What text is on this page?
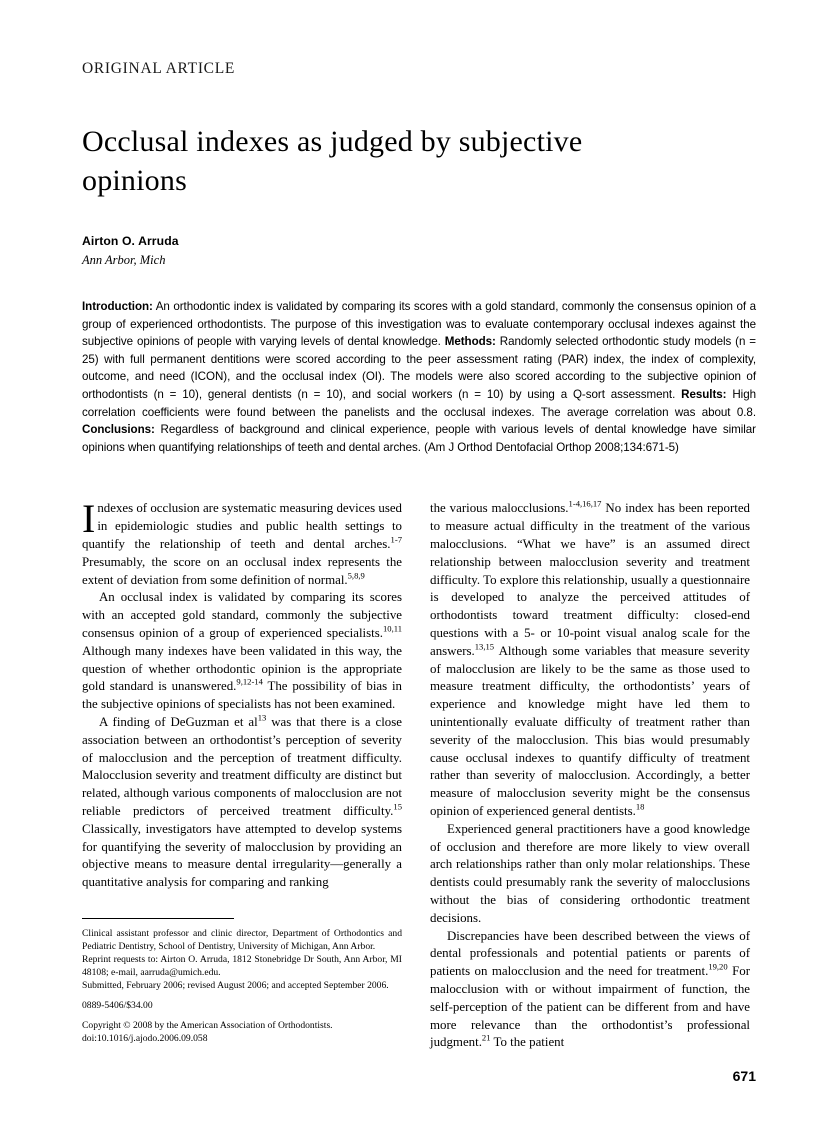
ORIGINAL ARTICLE
Occlusal indexes as judged by subjective opinions
Airton O. Arruda
Ann Arbor, Mich
Introduction: An orthodontic index is validated by comparing its scores with a gold standard, commonly the consensus opinion of a group of experienced orthodontists. The purpose of this investigation was to evaluate contemporary occlusal indexes against the subjective opinions of people with varying levels of dental knowledge. Methods: Randomly selected orthodontic study models (n = 25) with full permanent dentitions were scored according to the peer assessment rating (PAR) index, the index of complexity, outcome, and need (ICON), and the occlusal index (OI). The models were also scored according to the subjective opinion of orthodontists (n = 10), general dentists (n = 10), and social workers (n = 10) by using a Q-sort assessment. Results: High correlation coefficients were found between the panelists and the occlusal indexes. The average correlation was about 0.8. Conclusions: Regardless of background and clinical experience, people with various levels of dental knowledge have similar opinions when quantifying relationships of teeth and dental arches. (Am J Orthod Dentofacial Orthop 2008;134:671-5)

Indexes of occlusion are systematic measuring devices used in epidemiologic studies and public health settings to quantify the relationship of teeth and dental arches.$^{1-7}$ Presumably, the score on an occlusal index represents the extent of deviation from some definition of normal.$^{5,8,9}$

An occlusal index is validated by comparing its scores with an accepted gold standard, commonly the subjective consensus opinion of a group of experienced specialists.$^{10,11}$ Although many indexes have been validated in this way, the question of whether orthodontic opinion is the appropriate gold standard is unanswered.$^{9,12-14}$ The possibility of bias in the subjective opinions of specialists has not been examined.

A finding of DeGuzman et $al^{13}$ was that there is a close association between an orthodontist’s perception of severity of malocclusion and the perception of treatment difficulty. Malocclusion severity and treatment difficulty are distinct but related, although various components of malocclusion are not reliable predictors of perceived treatment difficulty.$^{15}$ Classically, investigators have attempted to develop systems for quantifying the severity of malocclusion by providing an objective means to measure dental irregularity—generally a quantitative analysis for comparing and ranking

Clinical assistant professor and clinic director, Department of Orthodontics and Pediatric Dentistry, School of Dentistry, University of Michigan, Ann Arbor.

Reprint requests to: Airton O. Arruda, 1812 Stonebridge Dr South, Ann Arbor, MI 48108; e-mail, aarruda@umich.edu.

Submitted, February 2006; revised August 2006; and accepted September 2006.

0889-5406/$34.00

Copyright © 2008 by the American Association of Orthodontists.

doi:10.1016/j.ajodo.2006.09.058

the various malocclusions.$^{1-4,16,17}$ No index has been reported to measure actual difficulty in the treatment of the various malocclusions. “What we have” is an assumed direct relationship between malocclusion severity and treatment difficulty. To explore this relationship, usually a questionnaire is developed to analyze the perceived attitudes of orthodontists toward treatment difficulty: closed-end questions with a 5- or 10-point visual analog scale for the answers.$^{13,15}$ Although some variables that measure severity of malocclusion are likely to be the same as those used to measure treatment difficulty, the orthodontists’ years of experience and knowledge might have led them to unintentionally evaluate difficulty of treatment rather than severity of the malocclusion. This bias would presumably cause occlusal indexes to quantify difficulty of treatment rather than severity of malocclusion. Accordingly, a better measure of malocclusion severity might be the consensus opinion of experienced general dentists.$^{18}$

Experienced general practitioners have a good knowledge of occlusion and therefore are more likely to view overall arch relationships rather than only molar relationships. These dentists could presumably rank the severity of malocclusions without the bias of considering orthodontic treatment decisions.

Discrepancies have been described between the views of dental professionals and potential patients or parents of patients on malocclusion and the need for treatment.$^{19,20}$ For malocclusion with or without impairment of function, the self-perception of the patient can be different from and have more relevance than the orthodontist’s professional judgment.$^{21}$ To the patient

671
